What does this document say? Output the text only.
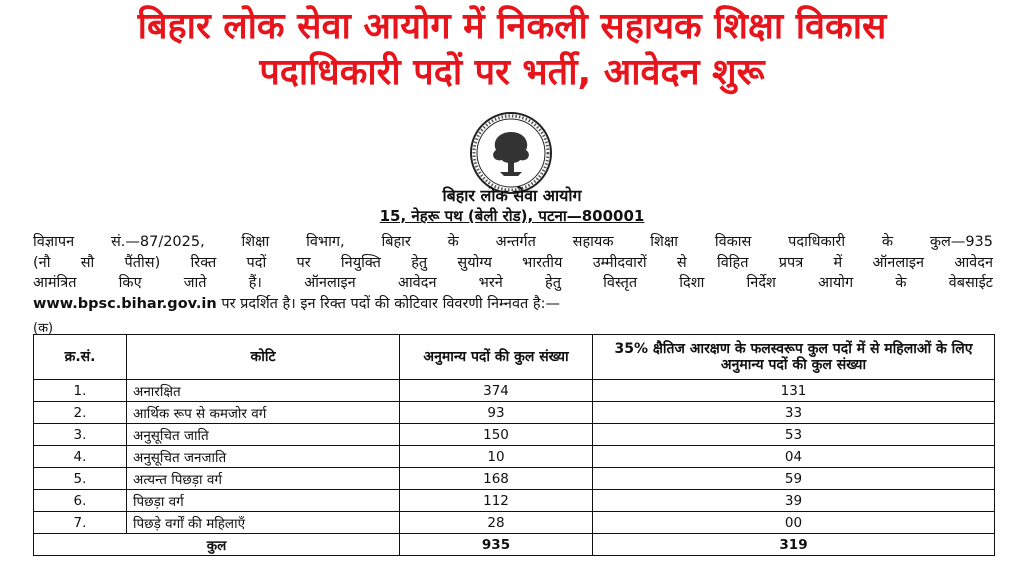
बिहार लोक सेवा आयोग में निकली सहायक शिक्षा विकास
पदाधिकारी पदों पर भर्ती, आवेदन शुरू
बिहार लोक सेवा आयोग
15, नेहरू पथ (बेली रोड), पटना—800001
विज्ञापन सं.—87/2025, शिक्षा विभाग, बिहार के अन्तर्गत सहायक शिक्षा विकास पदाधिकारी के कुल—935
(नौ सौ पैंतीस) रिक्त पदों पर नियुक्ति हेतु सुयोग्य भारतीय उम्मीदवारों से विहित प्रपत्र में ऑनलाइन आवेदन
आमंत्रित किए जाते हैं। ऑनलाइन आवेदन भरने हेतु विस्तृत दिशा निर्देश आयोग के वेबसाईट
www.bpsc.bihar.gov.in पर प्रदर्शित है। इन रिक्त पदों की कोटिवार विवरणी निम्नवत है:—
(क)
क्र.सं.	कोटि	अनुमान्य पदों की कुल संख्या	35% क्षैतिज आरक्षण के फलस्वरूप कुल पदों में से महिलाओं के लिए अनुमान्य पदों की कुल संख्या
1.	अनारक्षित	374	131
2.	आर्थिक रूप से कमजोर वर्ग	93	33
3.	अनुसूचित जाति	150	53
4.	अनुसूचित जनजाति	10	04
5.	अत्यन्त पिछड़ा वर्ग	168	59
6.	पिछड़ा वर्ग	112	39
7.	पिछड़े वर्गों की महिलाएँ	28	00
कुल		935	319
